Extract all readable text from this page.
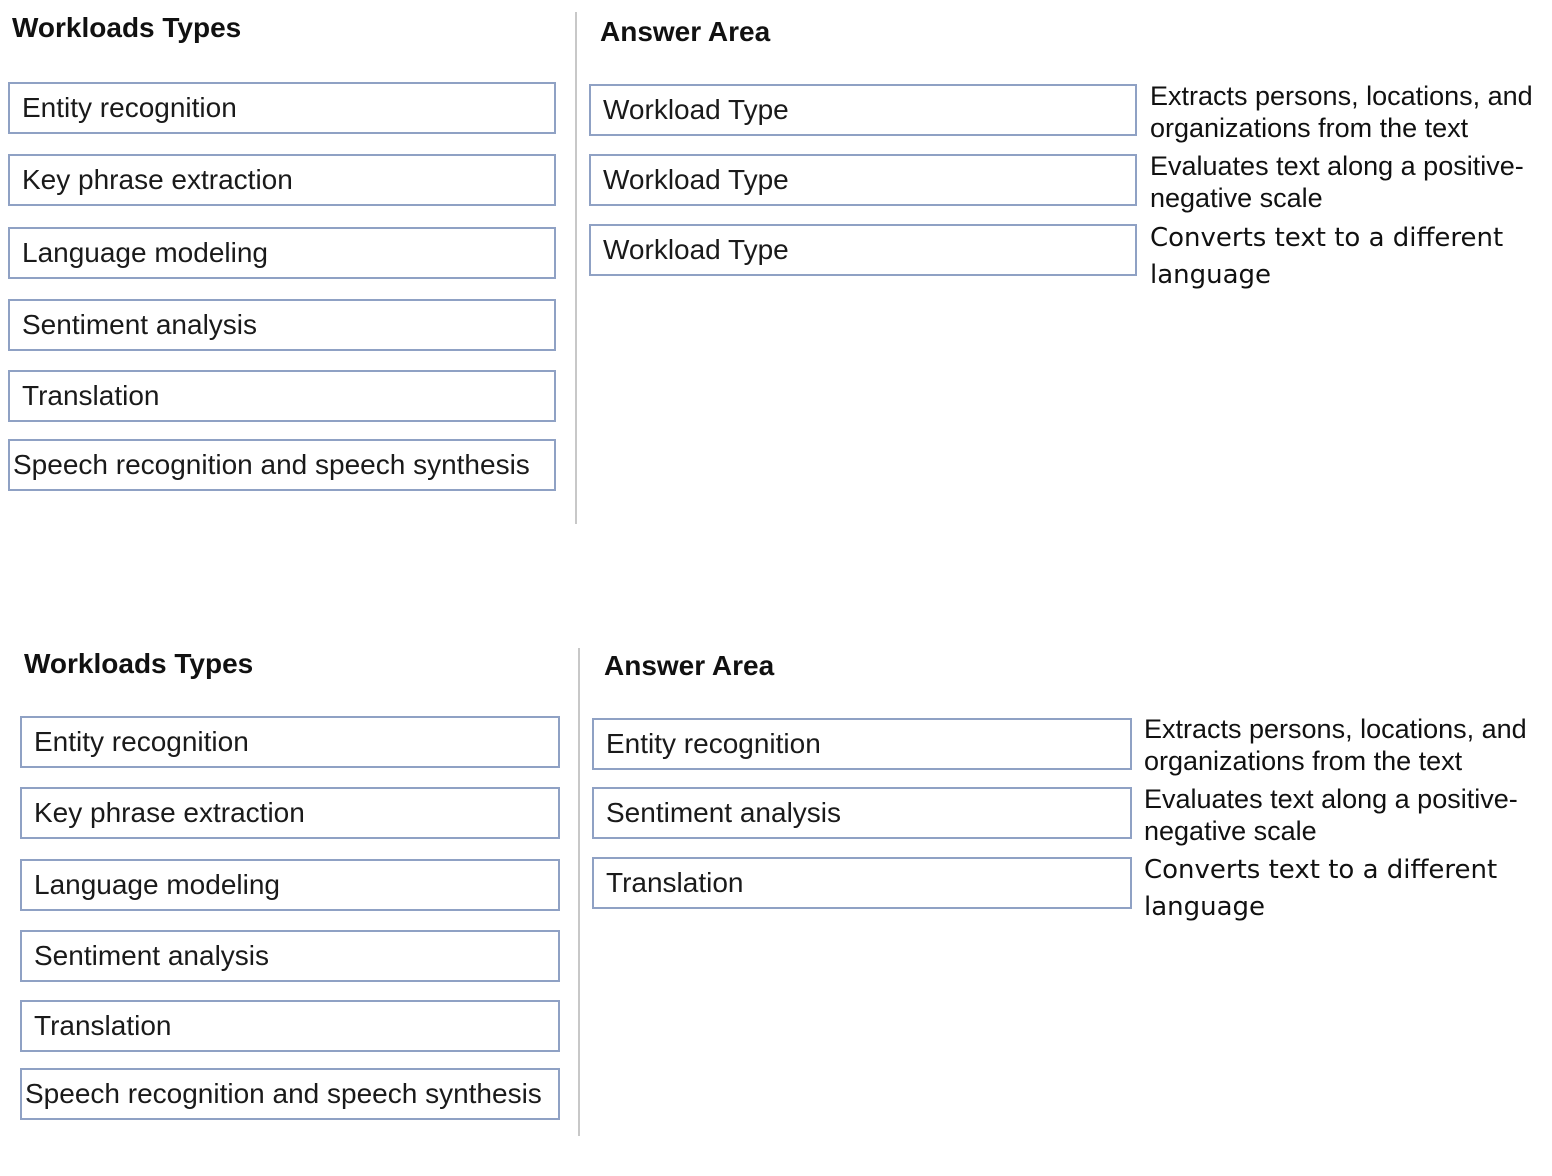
Workloads Types	Answer Area
Entity recognition
Key phrase extraction
Language modeling
Sentiment analysis
Translation
Speech recognition and speech synthesis
Workload Type
Workload Type
Workload Type
Extracts persons, locations, and organizations from the text
Evaluates text along a positive-negative scale
Converts text to a different language
Workloads Types	Answer Area
Entity recognition
Key phrase extraction
Language modeling
Sentiment analysis
Translation
Speech recognition and speech synthesis
Entity recognition
Sentiment analysis
Translation
Extracts persons, locations, and organizations from the text
Evaluates text along a positive-negative scale
Converts text to a different language
